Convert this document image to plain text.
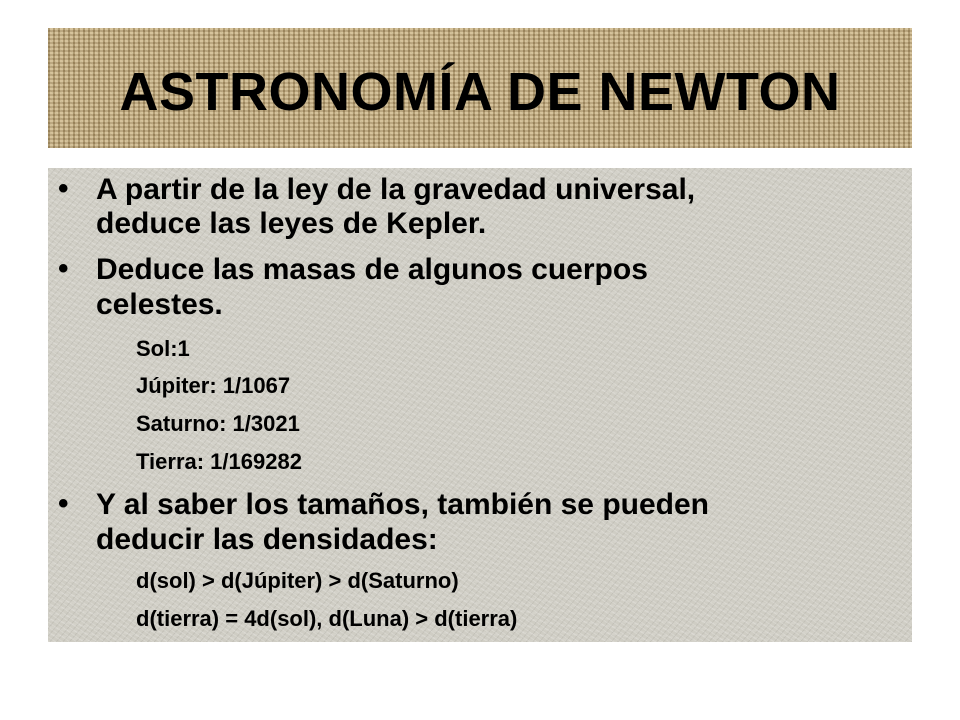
ASTRONOMÍA DE NEWTON
• A partir de la ley de la gravedad universal,

deduce las leyes de Kepler.

• Deduce las masas de algunos cuerpos

celestes.

Sol:1

Júpiter: 1/1067

Saturno: 1/3021

Tierra: 1/169282

• Y al saber los tamaños, también se pueden

deducir las densidades:

d(sol) > d(Júpiter) > d(Saturno)

d(tierra) = 4d(sol), d(Luna) > d(tierra)
